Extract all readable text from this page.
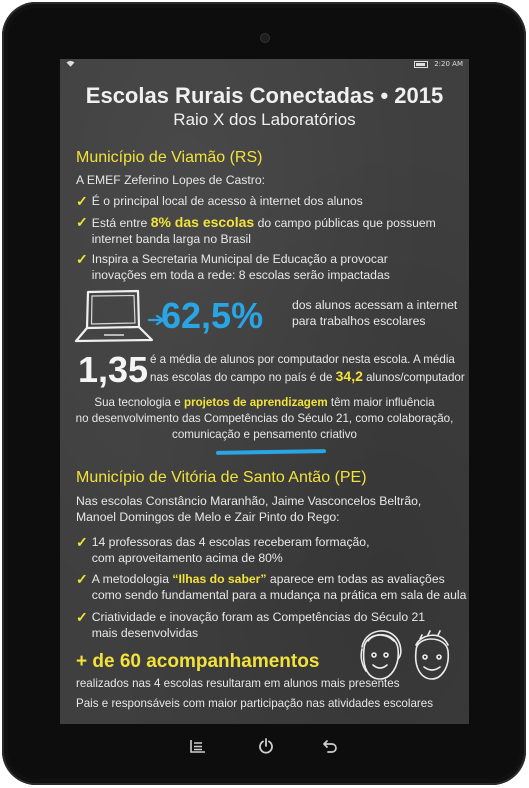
2:20 AM
Escolas Rurais Conectadas • 2015
Raio X dos Laboratórios
Município de Viamão (RS)
A EMEF Zeferino Lopes de Castro:
✓ É o principal local de acesso à internet dos alunos
✓ Está entre 8% das escolas do campo públicas que possuem
internet banda larga no Brasil
✓ Inspira a Secretaria Municipal de Educação a provocar
inovações em toda a rede: 8 escolas serão impactadas
62,5% dos alunos acessam a internet
para trabalhos escolares
1,35 é a média de alunos por computador nesta escola. A média
nas escolas do campo no país é de 34,2 alunos/computador
Sua tecnologia e projetos de aprendizagem têm maior influência
no desenvolvimento das Competências do Século 21, como colaboração,
comunicação e pensamento criativo
Município de Vitória de Santo Antão (PE)
Nas escolas Constâncio Maranhão, Jaime Vasconcelos Beltrão,
Manoel Domingos de Melo e Zair Pinto do Rego:
✓ 14 professoras das 4 escolas receberam formação,
com aproveitamento acima de 80%
✓ A metodologia “Ilhas do saber” aparece em todas as avaliações
como sendo fundamental para a mudança na prática em sala de aula
✓ Criatividade e inovação foram as Competências do Século 21
mais desenvolvidas
+ de 60 acompanhamentos
realizados nas 4 escolas resultaram em alunos mais presentes
Pais e responsáveis com maior participação nas atividades escolares
